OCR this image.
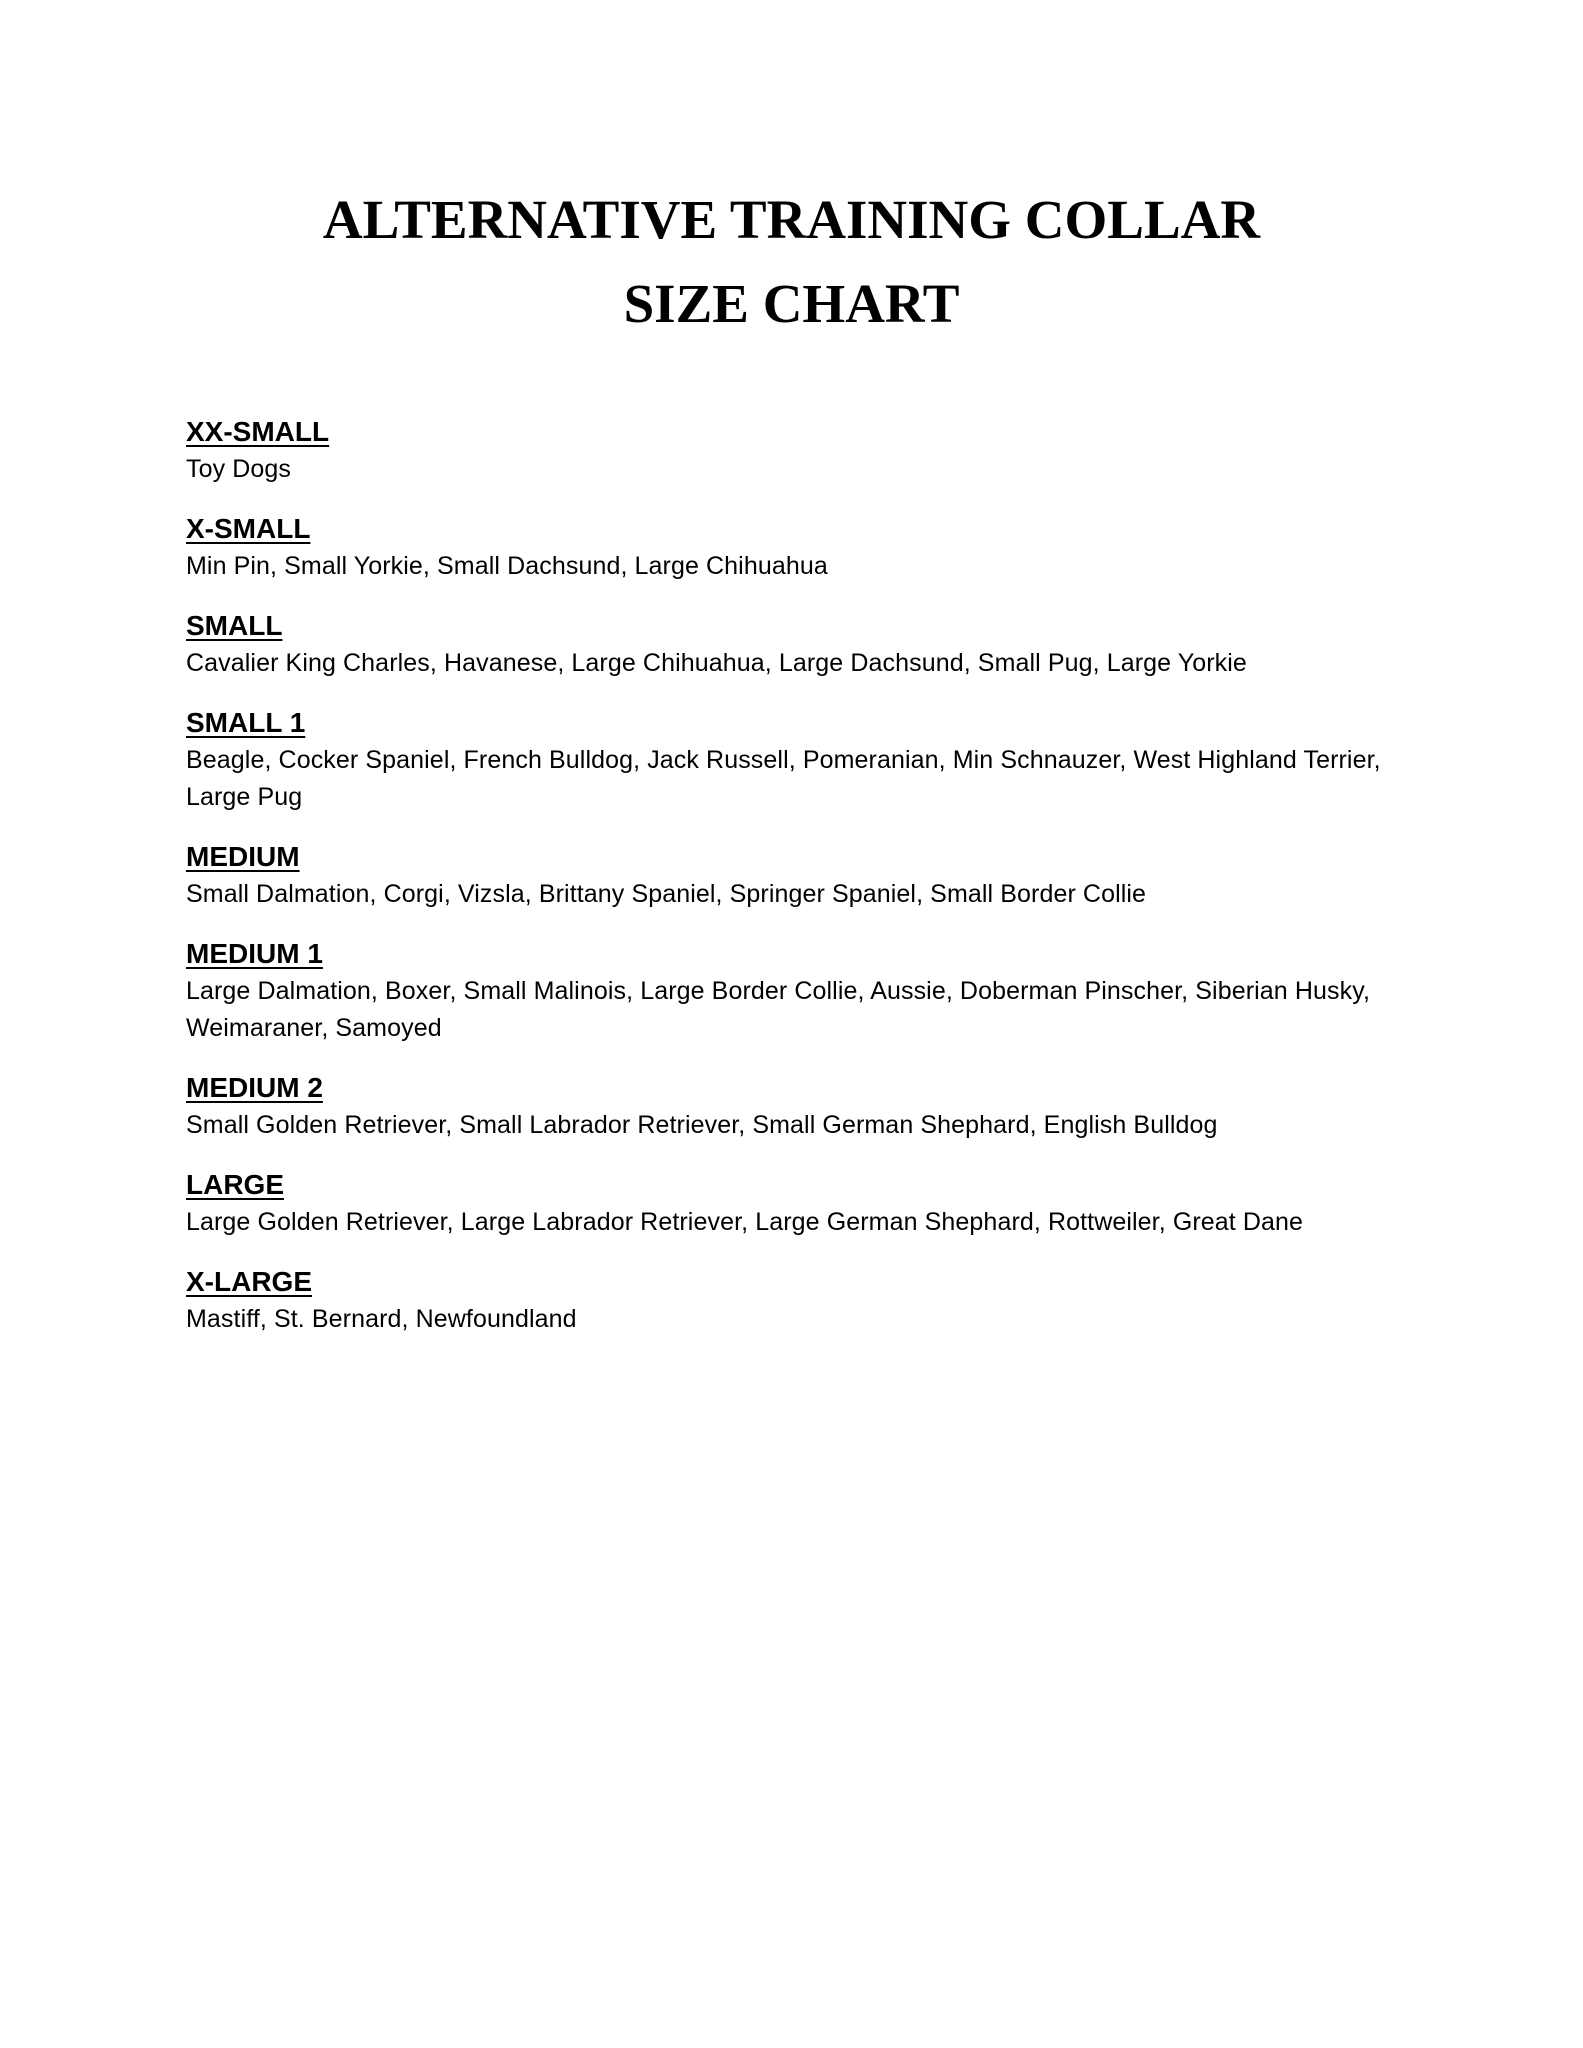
ALTERNATIVE TRAINING COLLAR
SIZE CHART
XX-SMALL
Toy Dogs
X-SMALL
Min Pin, Small Yorkie, Small Dachsund, Large Chihuahua
SMALL
Cavalier King Charles, Havanese, Large Chihuahua, Large Dachsund, Small Pug, Large Yorkie
SMALL 1
Beagle, Cocker Spaniel, French Bulldog, Jack Russell, Pomeranian, Min Schnauzer, West Highland Terrier, Large Pug
MEDIUM
Small Dalmation, Corgi, Vizsla, Brittany Spaniel, Springer Spaniel, Small Border Collie
MEDIUM 1
Large Dalmation, Boxer, Small Malinois, Large Border Collie, Aussie, Doberman Pinscher, Siberian Husky, Weimaraner, Samoyed
MEDIUM 2
Small Golden Retriever, Small Labrador Retriever, Small German Shephard, English Bulldog
LARGE
Large Golden Retriever, Large Labrador Retriever, Large German Shephard, Rottweiler, Great Dane
X-LARGE
Mastiff, St. Bernard, Newfoundland
